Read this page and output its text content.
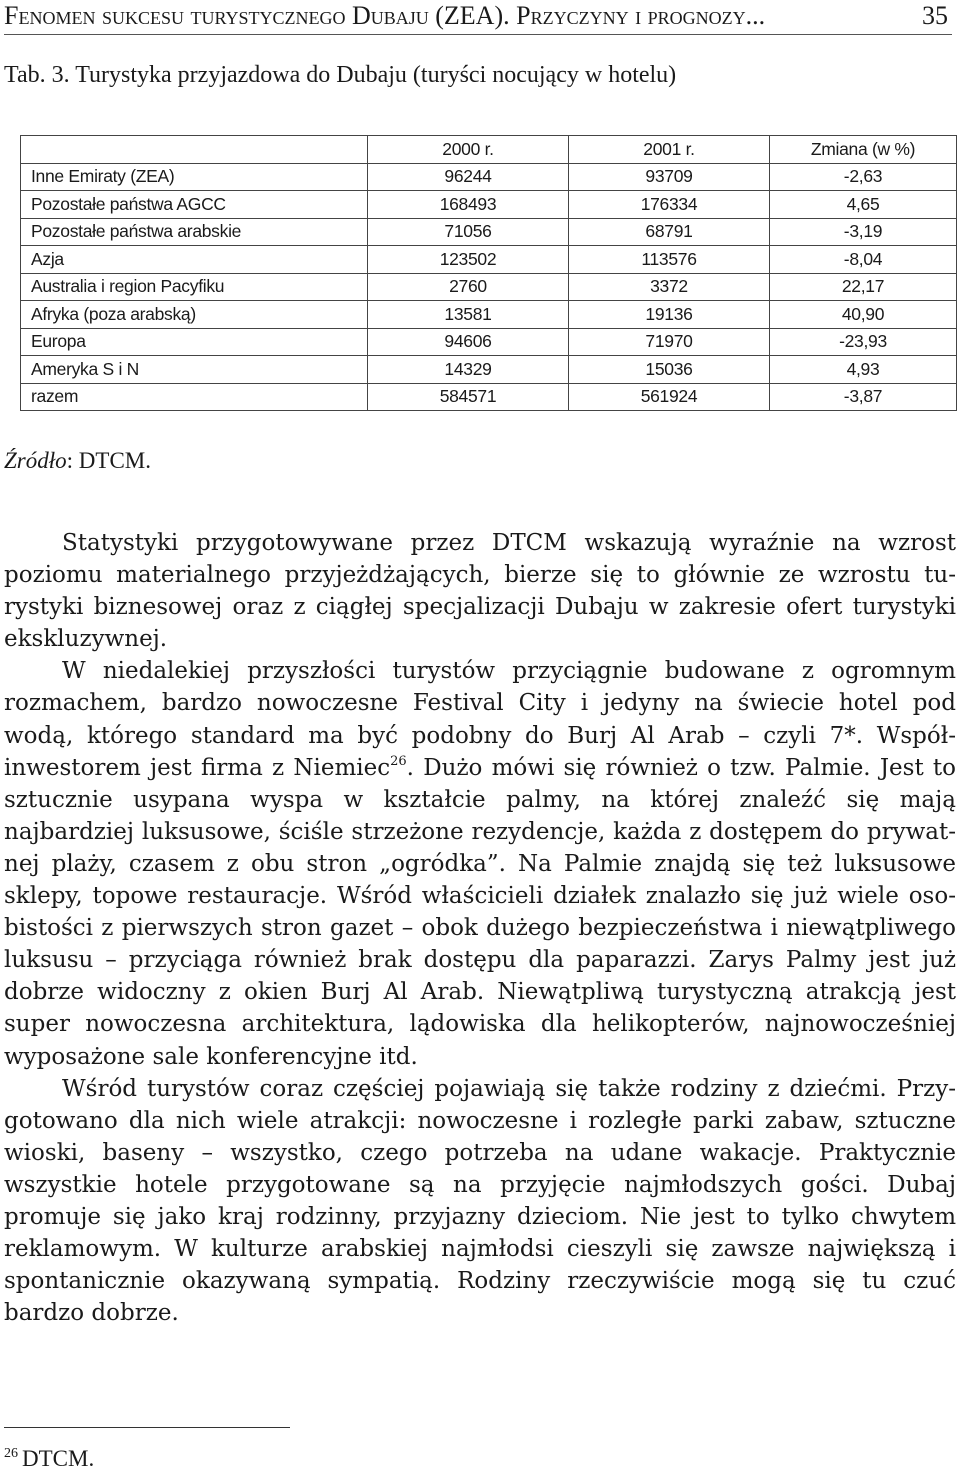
Fenomen sukcesu turystycznego Dubaju (ZEA). Przyczyny i prognozy...	35
Tab. 3. Turystyka przyjazdowa do Dubaju (turyści nocujący w hotelu)
	2000 r.	2001 r.	Zmiana (w %)
Inne Emiraty (ZEA)	96244	93709	-2,63
Pozostałe państwa AGCC	168493	176334	4,65
Pozostałe państwa arabskie	71056	68791	-3,19
Azja	123502	113576	-8,04
Australia i region Pacyfiku	2760	3372	22,17
Afryka (poza arabską)	13581	19136	40,90
Europa	94606	71970	-23,93
Ameryka S i N	14329	15036	4,93
razem	584571	561924	-3,87
Źródło: DTCM.

Statystyki przygotowywane przez DTCM wskazują wyraźnie na wzrost poziomu materialnego przyjeżdżających, bierze się to głównie ze wzrostu turystyki biznesowej oraz z ciągłej specjalizacji Dubaju w zakresie ofert turystyki ekskluzywnej.

W niedalekiej przyszłości turystów przyciągnie budowane z ogromnym rozmachem, bardzo nowoczesne Festival City i jedyny na świecie hotel pod wodą, którego standard ma być podobny do Burj Al Arab – czyli 7*. Współinwestorem jest firma z Niemiec$^{26}$. Dużo mówi się również o tzw. Palmie. Jest to sztucznie usypana wyspa w kształcie palmy, na której znaleźć się mają najbardziej luksusowe, ściśle strzeżone rezydencje, każda z dostępem do prywatnej plaży, czasem z obu stron „ogródka”. Na Palmie znajdą się też luksusowe sklepy, topowe restauracje. Wśród właścicieli działek znalazło się już wiele osobistości z pierwszych stron gazet – obok dużego bezpieczeństwa i niewątpliwego luksusu – przyciąga również brak dostępu dla paparazzi. Zarys Palmy jest już dobrze widoczny z okien Burj Al Arab. Niewątpliwą turystyczną atrakcją jest super nowoczesna architektura, lądowiska dla helikopterów, najnowocześniej wyposażone sale konferencyjne itd.

Wśród turystów coraz częściej pojawiają się także rodziny z dziećmi. Przygotowano dla nich wiele atrakcji: nowoczesne i rozległe parki zabaw, sztuczne wioski, baseny – wszystko, czego potrzeba na udane wakacje. Praktycznie wszystkie hotele przygotowane są na przyjęcie najmłodszych gości. Dubaj promuje się jako kraj rodzinny, przyjazny dzieciom. Nie jest to tylko chwytem reklamowym. W kulturze arabskiej najmłodsi cieszyli się zawsze największą i spontanicznie okazywaną sympatią. Rodziny rzeczywiście mogą się tu czuć bardzo dobrze.

$^{26}$ DTCM.
